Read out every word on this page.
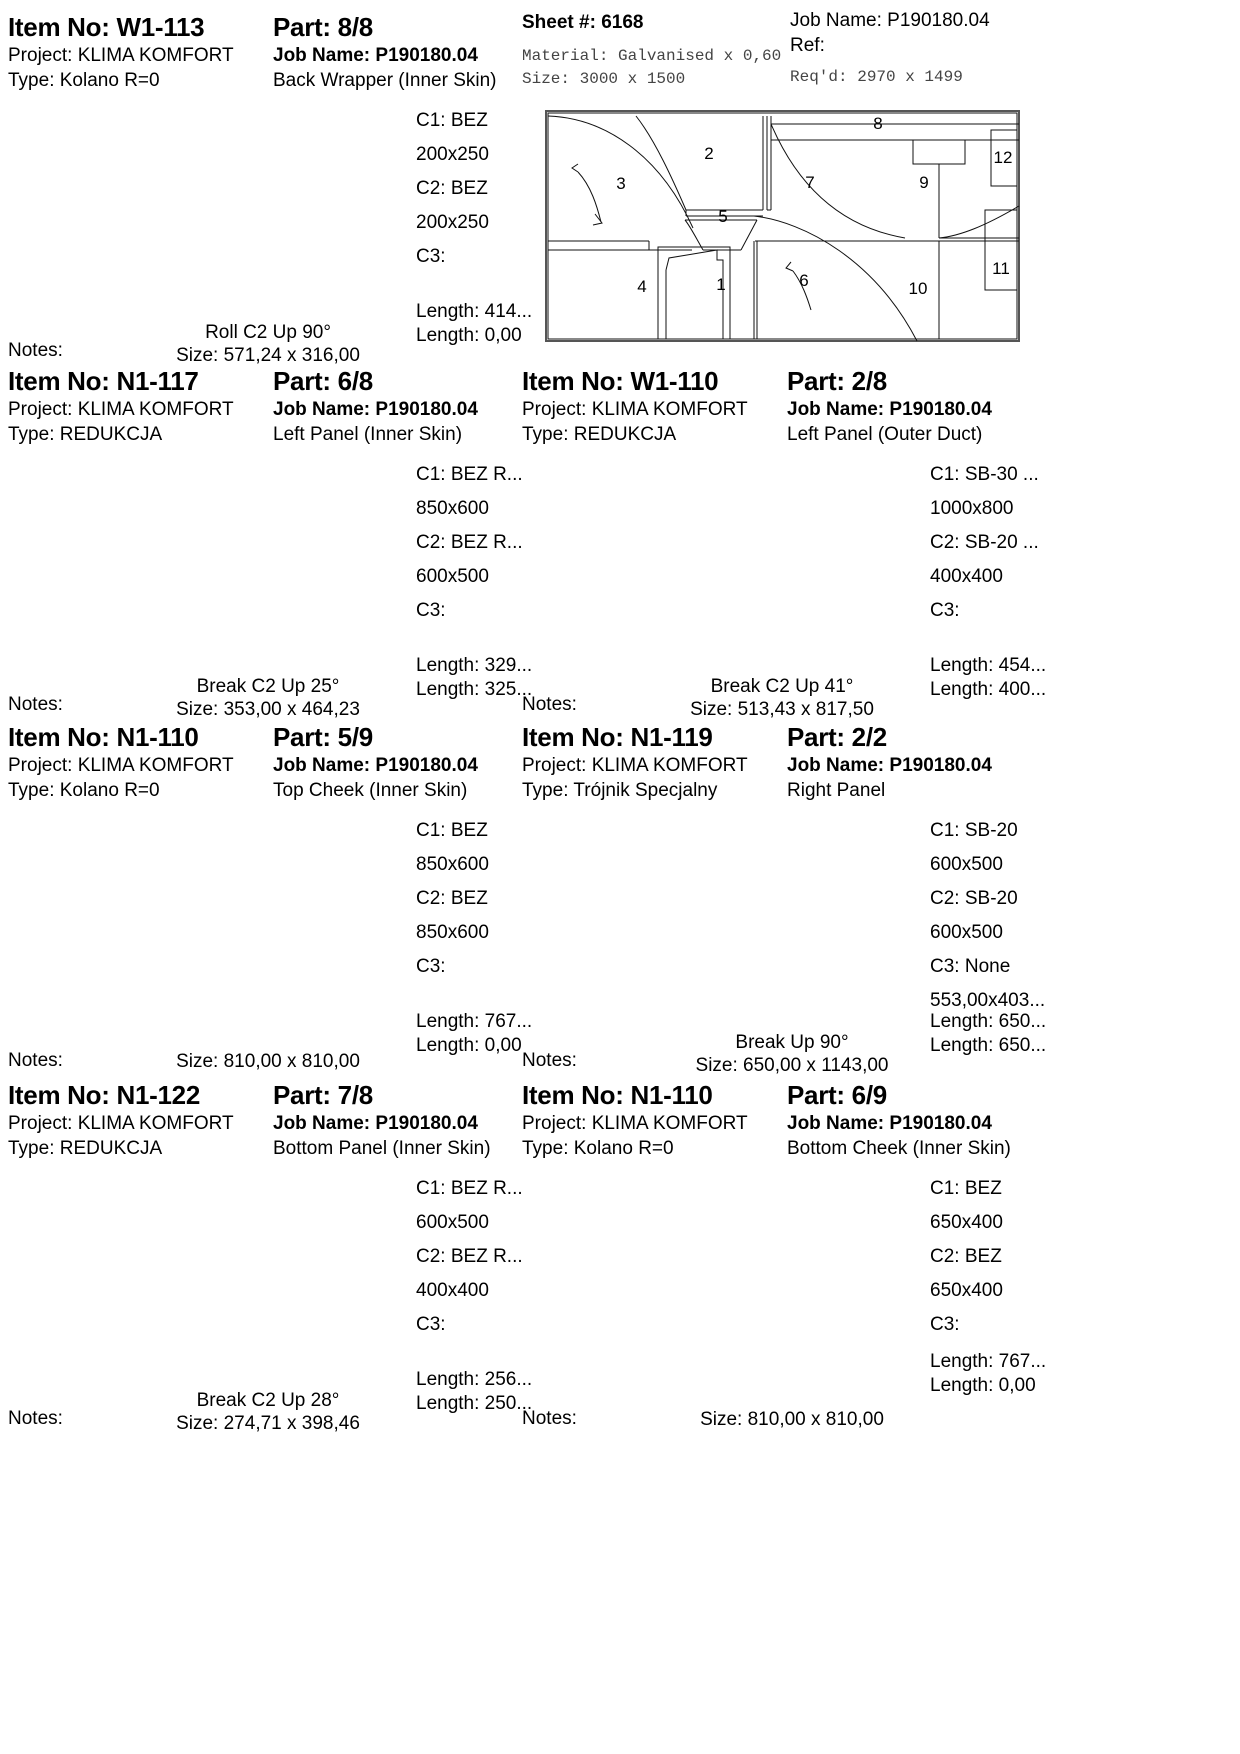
Item No: W1-113	Part: 8/8
Project: KLIMA KOMFORT
Type: Kolano R=0
Job Name: P190180.04
Back Wrapper (Inner Skin)
C1: BEZ
200x250
C2: BEZ
200x250
C3:
Length: 414...
Length: 0,00
Notes:
Roll C2 Up 90°
Size: 571,24 x 316,00
Sheet #: 6168
Material: Galvanised x 0,60
Size: 3000 x 1500
Job Name: P190180.04
Ref:
Req'd: 2970 x 1499
1
2
3
4
5
6
7
8
9
10
11
12
Item No: N1-117	Part: 6/8
Project: KLIMA KOMFORT
Type: REDUKCJA
Job Name: P190180.04
Left Panel (Inner Skin)
C1: BEZ R...
850x600
C2: BEZ R...
600x500
C3:
Length: 329...
Length: 325...
Notes:
Break C2 Up 25°
Size: 353,00 x 464,23
Item No: W1-110	Part: 2/8
Project: KLIMA KOMFORT
Type: REDUKCJA
Job Name: P190180.04
Left Panel (Outer Duct)
C1: SB-30 ...
1000x800
C2: SB-20 ...
400x400
C3:
Length: 454...
Length: 400...
Notes:
Break C2 Up 41°
Size: 513,43 x 817,50
Item No: N1-110	Part: 5/9
Project: KLIMA KOMFORT
Type: Kolano R=0
Job Name: P190180.04
Top Cheek (Inner Skin)
C1: BEZ
850x600
C2: BEZ
850x600
C3:
Length: 767...
Length: 0,00
Notes:	Size: 810,00 x 810,00
Item No: N1-119	Part: 2/2
Project: KLIMA KOMFORT
Type: Trójnik Specjalny
Job Name: P190180.04
Right Panel
C1: SB-20
600x500
C2: SB-20
600x500
C3: None
553,00x403...
Length: 650...
Length: 650...
Notes:
Break Up 90°
Size: 650,00 x 1143,00
Item No: N1-122	Part: 7/8
Project: KLIMA KOMFORT
Type: REDUKCJA
Job Name: P190180.04
Bottom Panel (Inner Skin)
C1: BEZ R...
600x500
C2: BEZ R...
400x400
C3:
Length: 256...
Length: 250...
Notes:
Break C2 Up 28°
Size: 274,71 x 398,46
Item No: N1-110	Part: 6/9
Project: KLIMA KOMFORT
Type: Kolano R=0
Job Name: P190180.04
Bottom Cheek (Inner Skin)
C1: BEZ
650x400
C2: BEZ
650x400
C3:
Length: 767...
Length: 0,00
Notes:	Size: 810,00 x 810,00
